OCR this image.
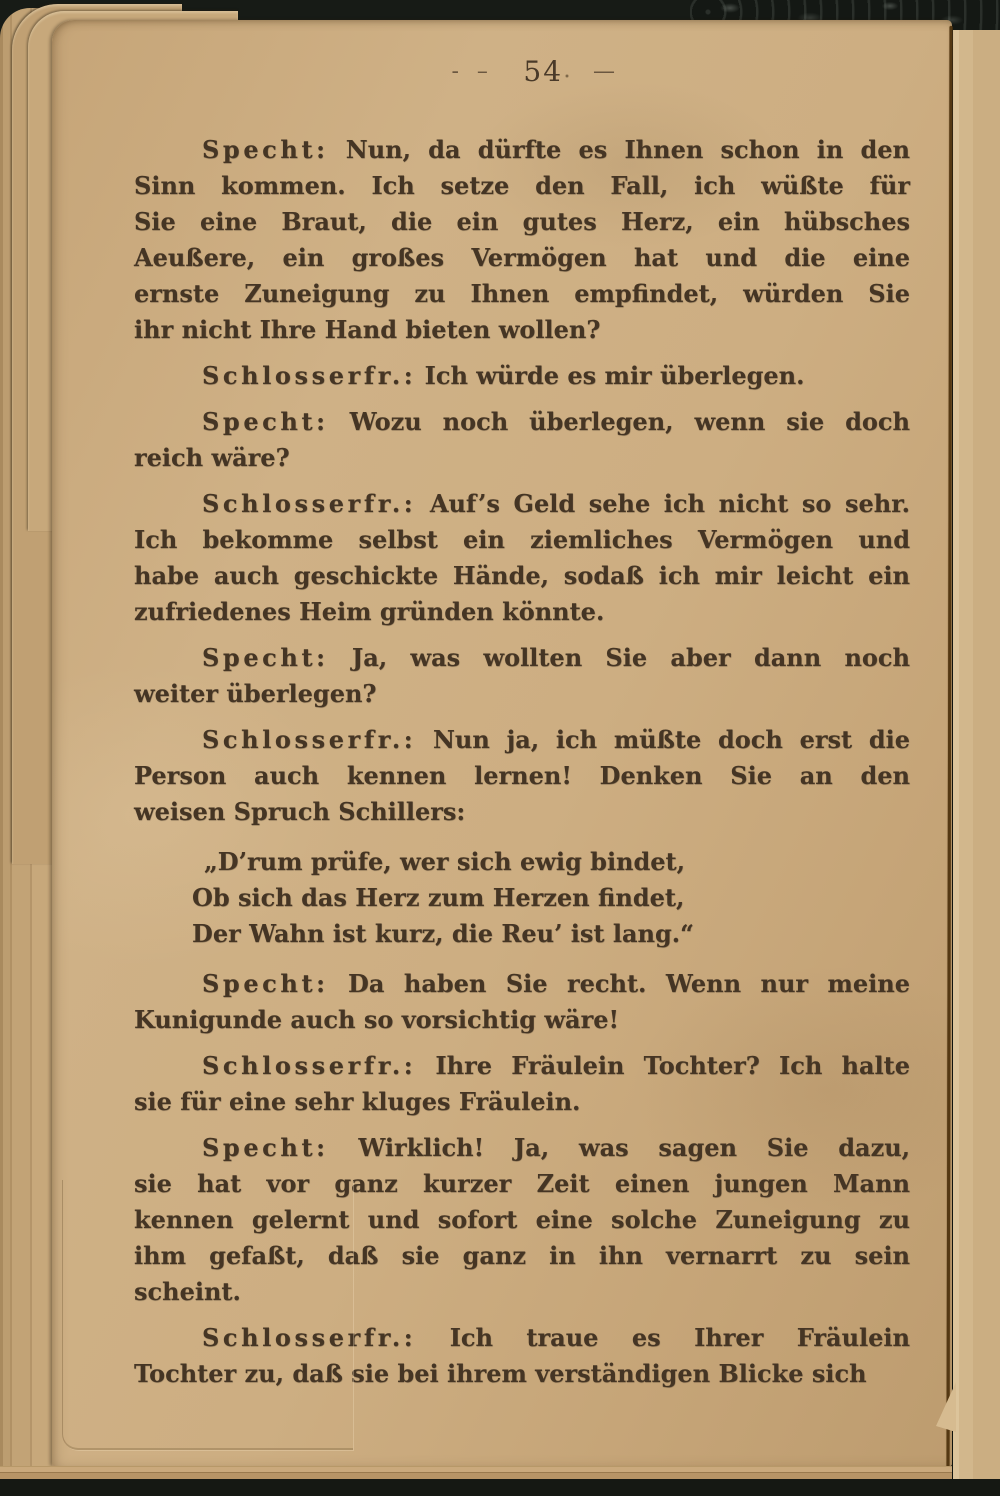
- – 54 —
Specht: Nun, da dürfte es Ihnen schon in den
Sinn kommen. Ich setze den Fall, ich wüßte für
Sie eine Braut, die ein gutes Herz, ein hübsches
Aeußere, ein großes Vermögen hat und die eine
ernste Zuneigung zu Ihnen empfindet, würden Sie
ihr nicht Ihre Hand bieten wollen?
Schlosserfr.: Ich würde es mir überlegen.
Specht: Wozu noch überlegen, wenn sie doch
reich wäre?
Schlosserfr.: Auf’s Geld sehe ich nicht so sehr.
Ich bekomme selbst ein ziemliches Vermögen und
habe auch geschickte Hände, sodaß ich mir leicht ein
zufriedenes Heim gründen könnte.
Specht: Ja, was wollten Sie aber dann noch
weiter überlegen?
Schlosserfr.: Nun ja, ich müßte doch erst die
Person auch kennen lernen! Denken Sie an den
weisen Spruch Schillers:
„D’rum prüfe, wer sich ewig bindet,
Ob sich das Herz zum Herzen findet,
Der Wahn ist kurz, die Reu’ ist lang.“
Specht: Da haben Sie recht. Wenn nur meine
Kunigunde auch so vorsichtig wäre!
Schlosserfr.: Ihre Fräulein Tochter? Ich halte
sie für eine sehr kluges Fräulein.
Specht: Wirklich! Ja, was sagen Sie dazu,
sie hat vor ganz kurzer Zeit einen jungen Mann
kennen gelernt und sofort eine solche Zuneigung zu
ihm gefaßt, daß sie ganz in ihn vernarrt zu sein
scheint.
Schlosserfr.: Ich traue es Ihrer Fräulein
Tochter zu, daß sie bei ihrem verständigen Blicke sich
